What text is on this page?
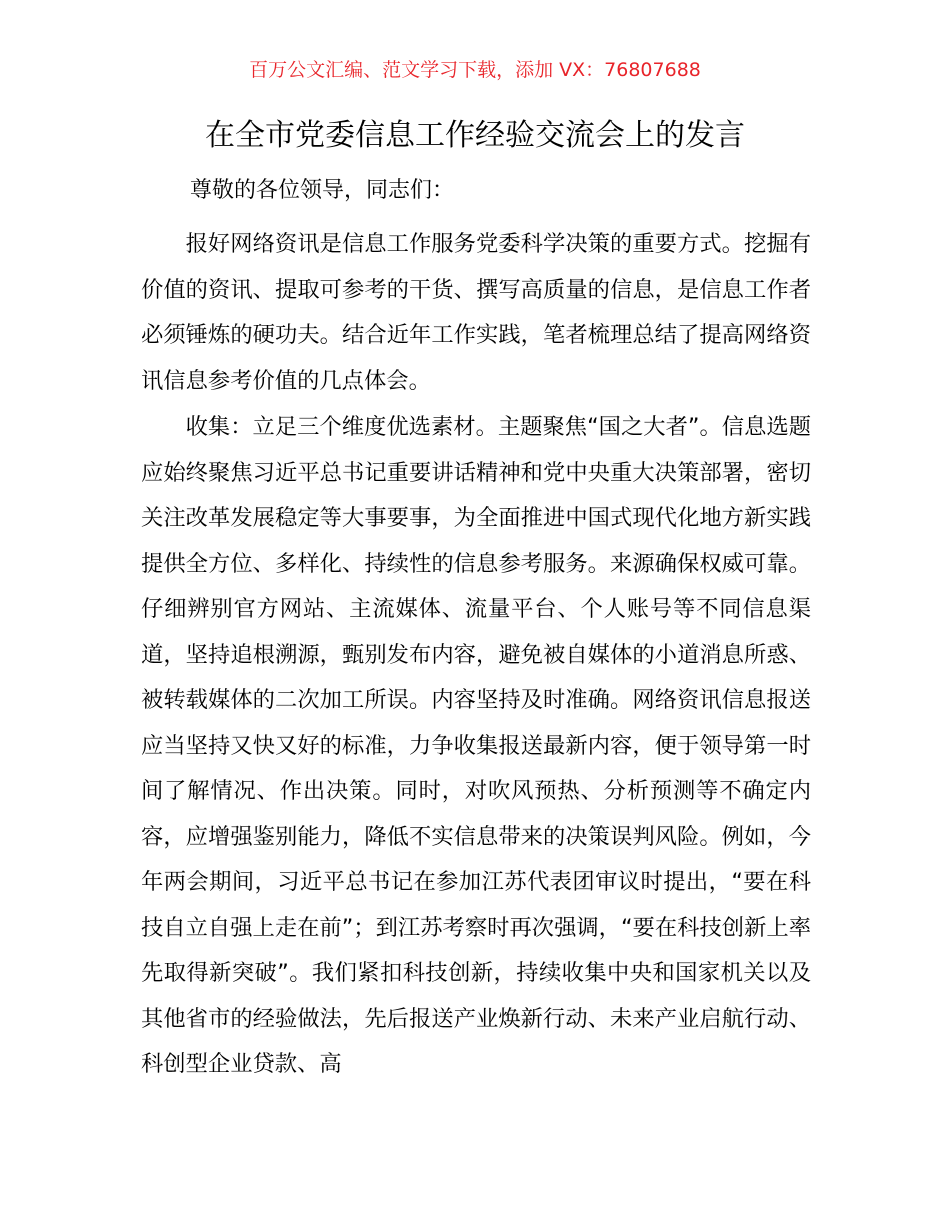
百万公文汇编、范文学习下载，添加 VX：76807688
在全市党委信息工作经验交流会上的发言
尊敬的各位领导，同志们：

报好网络资讯是信息工作服务党委科学决策的重要方式。挖掘有价值的资讯、提取可参考的干货、撰写高质量的信息，是信息工作者必须锤炼的硬功夫。结合近年工作实践，笔者梳理总结了提高网络资讯信息参考价值的几点体会。

收集：立足三个维度优选素材。主题聚焦“国之大者”。信息选题应始终聚焦习近平总书记重要讲话精神和党中央重大决策部署，密切关注改革发展稳定等大事要事，为全面推进中国式现代化地方新实践提供全方位、多样化、持续性的信息参考服务。来源确保权威可靠。仔细辨别官方网站、主流媒体、流量平台、个人账号等不同信息渠道，坚持追根溯源，甄别发布内容，避免被自媒体的小道消息所惑、被转载媒体的二次加工所误。内容坚持及时准确。网络资讯信息报送应当坚持又快又好的标准，力争收集报送最新内容，便于领导第一时间了解情况、作出决策。同时，对吹风预热、分析预测等不确定内容，应增强鉴别能力，降低不实信息带来的决策误判风险。例如，今年两会期间，习近平总书记在参加江苏代表团审议时提出，“要在科技自立自强上走在前”；到江苏考察时再次强调，“要在科技创新上率先取得新突破”。我们紧扣科技创新，持续收集中央和国家机关以及其他省市的经验做法，先后报送产业焕新行动、未来产业启航行动、科创型企业贷款、高
